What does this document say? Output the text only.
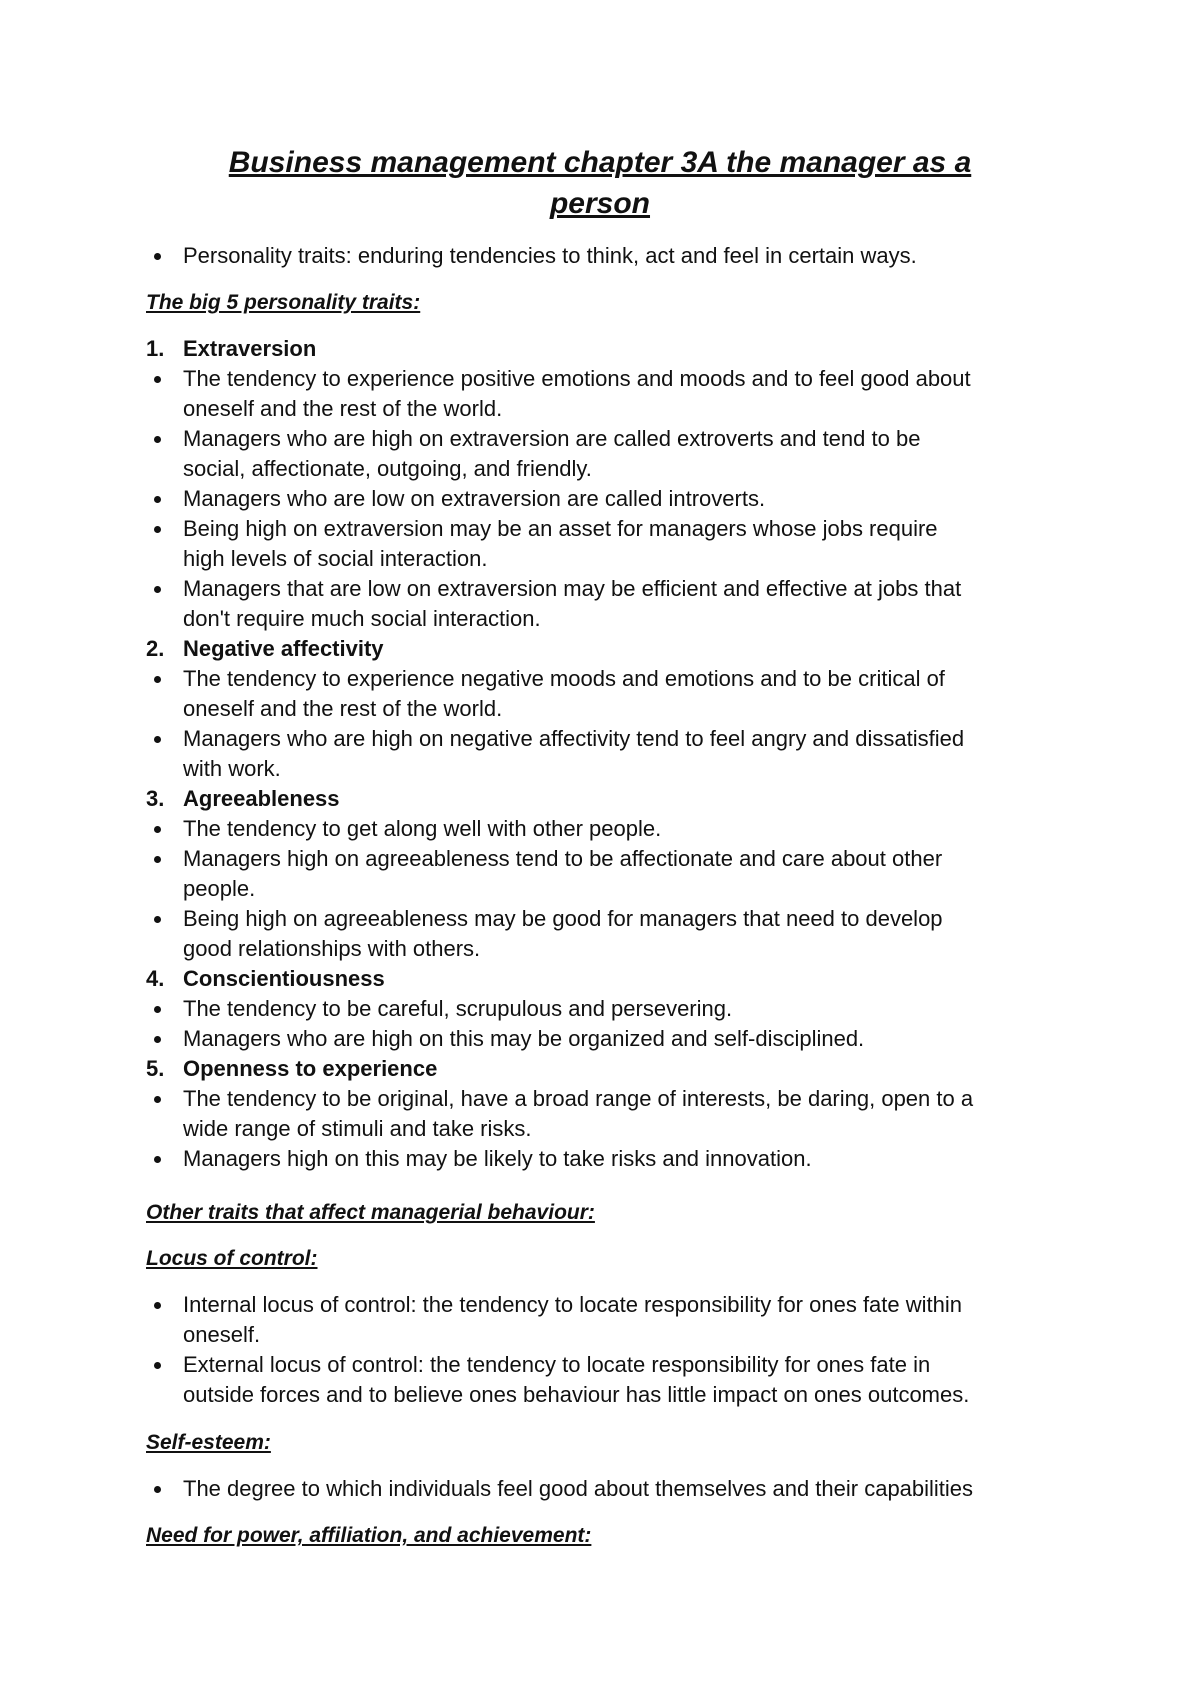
Business management chapter 3A the manager as a
person
Personality traits: enduring tendencies to think, act and feel in certain ways.
The big 5 personality traits:
1. Extraversion
The tendency to experience positive emotions and moods and to feel good about
oneself and the rest of the world.
Managers who are high on extraversion are called extroverts and tend to be
social, affectionate, outgoing, and friendly.
Managers who are low on extraversion are called introverts.
Being high on extraversion may be an asset for managers whose jobs require
high levels of social interaction.
Managers that are low on extraversion may be efficient and effective at jobs that
don't require much social interaction.
2. Negative affectivity
The tendency to experience negative moods and emotions and to be critical of
oneself and the rest of the world.
Managers who are high on negative affectivity tend to feel angry and dissatisfied
with work.
3. Agreeableness
The tendency to get along well with other people.
Managers high on agreeableness tend to be affectionate and care about other
people.
Being high on agreeableness may be good for managers that need to develop
good relationships with others.
4. Conscientiousness
The tendency to be careful, scrupulous and persevering.
Managers who are high on this may be organized and self-disciplined.
5. Openness to experience
The tendency to be original, have a broad range of interests, be daring, open to a
wide range of stimuli and take risks.
Managers high on this may be likely to take risks and innovation.
Other traits that affect managerial behaviour:
Locus of control:
Internal locus of control: the tendency to locate responsibility for ones fate within
oneself.
External locus of control: the tendency to locate responsibility for ones fate in
outside forces and to believe ones behaviour has little impact on ones outcomes.
Self-esteem:
The degree to which individuals feel good about themselves and their capabilities
Need for power, affiliation, and achievement:
